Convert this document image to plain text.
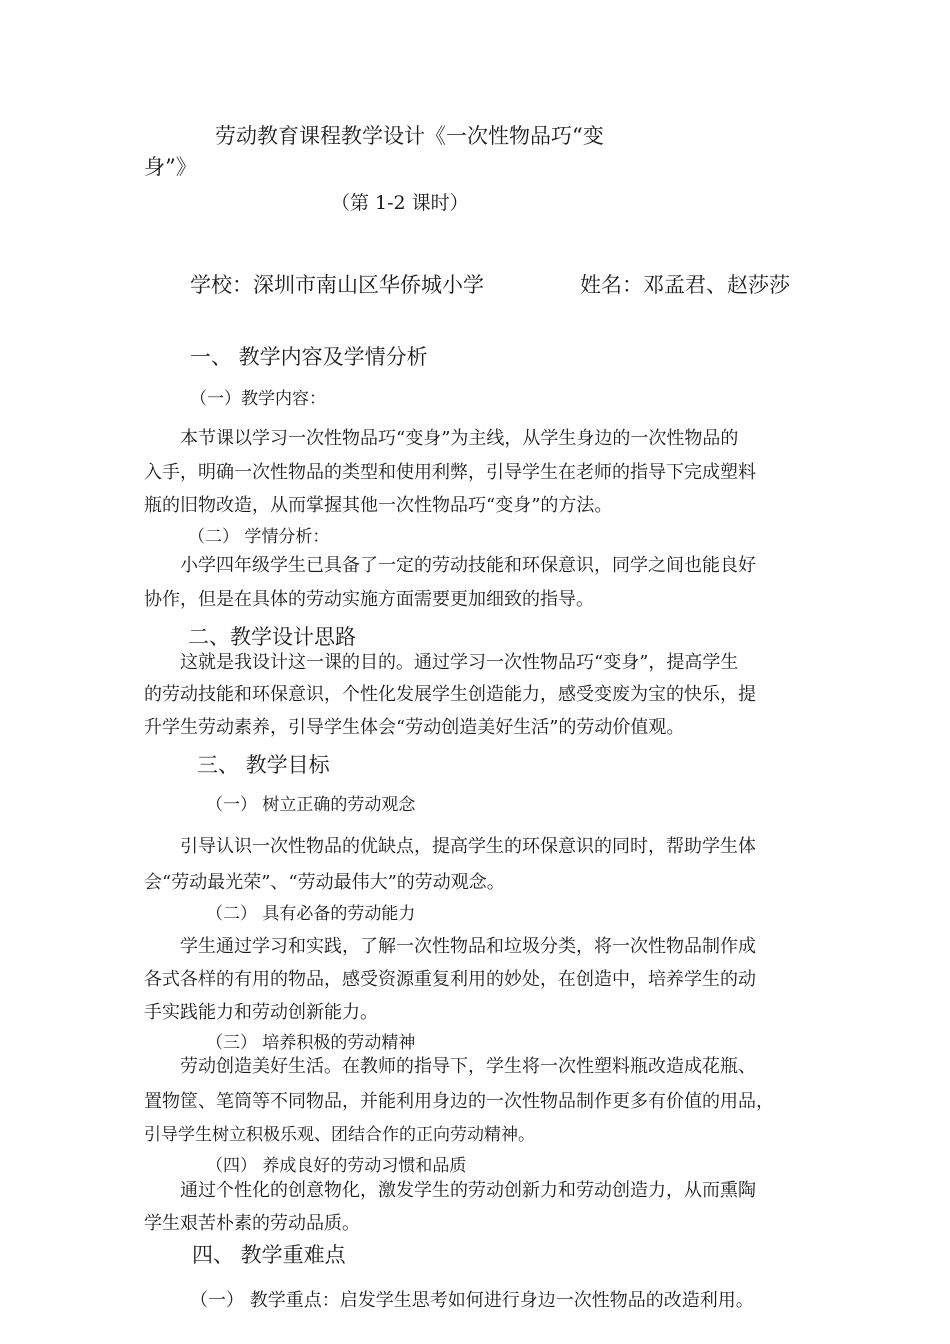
劳动教育课程教学设计《一次性物品巧“变
身”》
（第 1-2 课时）
学校：深圳市南山区华侨城小学	姓名：邓孟君、赵莎莎
一、 教学内容及学情分析
（一）教学内容：
本节课以学习一次性物品巧“变身”为主线，从学生身边的一次性物品的
入手，明确一次性物品的类型和使用利弊，引导学生在老师的指导下完成塑料
瓶的旧物改造，从而掌握其他一次性物品巧“变身”的方法。
（二） 学情分析：
小学四年级学生已具备了一定的劳动技能和环保意识，同学之间也能良好
协作，但是在具体的劳动实施方面需要更加细致的指导。
二、教学设计思路
这就是我设计这一课的目的。通过学习一次性物品巧“变身”，提高学生
的劳动技能和环保意识，个性化发展学生创造能力，感受变废为宝的快乐，提
升学生劳动素养，引导学生体会“劳动创造美好生活”的劳动价值观。
三、 教学目标
（一） 树立正确的劳动观念
引导认识一次性物品的优缺点，提高学生的环保意识的同时，帮助学生体
会“劳动最光荣”、“劳动最伟大”的劳动观念。
（二） 具有必备的劳动能力
学生通过学习和实践，了解一次性物品和垃圾分类，将一次性物品制作成
各式各样的有用的物品，感受资源重复利用的妙处，在创造中，培养学生的动
手实践能力和劳动创新能力。
（三） 培养积极的劳动精神
劳动创造美好生活。在教师的指导下，学生将一次性塑料瓶改造成花瓶、
置物筐、笔筒等不同物品，并能利用身边的一次性物品制作更多有价值的用品，
引导学生树立积极乐观、团结合作的正向劳动精神。
（四） 养成良好的劳动习惯和品质
通过个性化的创意物化，激发学生的劳动创新力和劳动创造力，从而熏陶
学生艰苦朴素的劳动品质。
四、 教学重难点
（一） 教学重点：启发学生思考如何进行身边一次性物品的改造利用。
